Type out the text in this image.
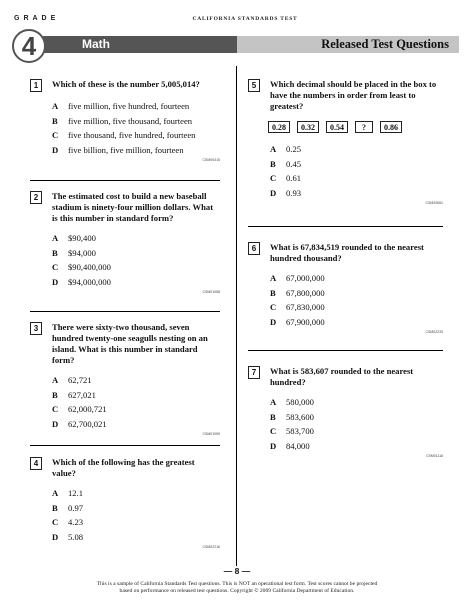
GRADE	CALIFORNIA STANDARDS TEST
4	Math	Released Test Questions
1	Which of these is the number 5,005,014?
A	five million, five hundred, fourteen
B	five million, five thousand, fourteen
C	five thousand, five hundred, fourteen
D	five billion, five million, fourteen
CSM00415
2	The estimated cost to build a new baseball stadium is ninety-four million dollars. What is this number in standard form?
A	$90,400
B	$94,000
C	$90,400,000
D	$94,000,000
CSM01058
3	There were sixty-two thousand, seven hundred twenty-one seagulls nesting on an island. What is this number in standard form?
A	62,721
B	627,021
C	62,000,721
D	62,700,021
CSM01059
4	Which of the following has the greatest value?
A	12.1
B	0.97
C	4.23
D	5.08
CSM02216
5	Which decimal should be placed in the box to have the numbers in order from least to greatest?
0.28	0.32	0.54	?	0.86
A	0.25
B	0.45
C	0.61
D	0.93
CSM20651
6	What is 67,834,519 rounded to the nearest hundred thousand?
A	67,000,000
B	67,800,000
C	67,830,000
D	67,900,000
CSM02233
7	What is 583,607 rounded to the nearest hundred?
A	580,000
B	583,600
C	583,700
D	84,000
CSM01116
— 8 —
This is a sample of California Standards Test questions. This is NOT an operational test form. Test scores cannot be projected
based on performance on released test questions. Copyright © 2009 California Department of Education.
